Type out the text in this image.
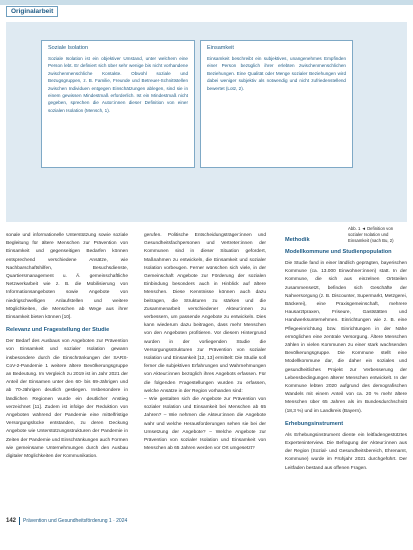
Originalarbeit
Soziale Isolation
Soziale Isolation ist ein objektiver Umstand, unter welchem eine Person lebt. Er definiert sich über sehr wenige bis nicht vorhandene zwischenmenschliche Kontakte. Obwohl soziale und Bezugsgruppen, z. B. Familie, Freunde und Betreuer-Schnittstellen zwischen Individuen entgegen Einschätzungen ablegen, sind sie in einem gewissen Mindestmaß erforderlich. Ist ein Mindestmaß nicht gegeben, sprechen die Autor:innen dieser Definition von einer sozialen Isolation (Mensch, 1).
Einsamkeit
Einsamkeit beschreibt ein subjektives, unangenehmes Empfinden einer Person bezüglich ihrer erlebten zwischenmenschlichen Beziehungen. Eine Qualität oder Menge sozialer Beziehungen wird dabei weniger subjektiv als notwendig und nicht zufriedenstellend bewertet (Lotz, 2).
Abb. 1 ◄ Definition von sozialer Isolation und Einsamkeit (nach Bu, 2)

sonale und informationelle Unterstützung sowie soziale Begleitung für ältere Menschen zur Prävention von Einsamkeit und gegenseitigen Bedarfen können entsprechend verschiedene Ansätze, wie Nachbarschaftshilfen, Besuchsdienste, Quartiersmanagement u. Ä. gemeinschaftliche Netzwerkarbeit wie z. B. die Mobilisierung von Informationsangeboten sowie Angebote von niedrigschwelligen Anlaufstellen und weitere Möglichkeiten, die Menschen ab Wege aus ihrer Einsamkeit bieten können [10].

Relevanz und Fragestellung der Studie

Der Bedarf des Ausbaus von Angeboten zur Prävention von Einsamkeit und sozialer Isolation gewann insbesondere durch die Einschränkungen der SARS-CoV-2-Pandemie 1 weitere ältere Bevölkerungsgruppe an Bedeutung. Im Vergleich zu 2019 ist im Jahr 2021 der Anteil der Einsamen unter den 60- bis 69-Jährigen und ab 70-Jährigen deutlich gestiegen. Insbesondere in ländlichen Regionen wurde ein deutlicher Anstieg verzeichnet [11]. Zudem ist infolge der Reduktion von Angeboten während der Pandemie eine mittelfristige Versorgungslücke entstanden, zu deren Deckung Angebote wie Unterstützungsstrukturen der Pandemie in Zeiten der Pandemie und Einschränkungen auch Formen wie gemeinsame Unternehmungen durch den Ausbau digitaler Möglichkeiten der Kommunikation.

gerufen. Politische Entscheidungsträger:innen und Gesundheitsfachpersonen und Vertreter:innen der Kommunen sind in dieser Situation gefordert, Maßnahmen zu entwickeln, die Einsamkeit und sozialer Isolation vorbeugen. Ferner wünschen sich viele, in der Gemeinschaft Angebote zur Förderung der sozialen Einbindung besonders auch in Hinblick auf ältere Menschen. Diese Kenntnisse können auch dazu beitragen, die Strukturen zu stärken und die Zusammenarbeit verschiedener Akteur:innen zu verbessern, um passende Angebote zu entwickeln. Dies kann wiederum dazu beitragen, dass mehr Menschen von den Angeboten profitieren. Vor diesem Hintergrund wurden in der vorliegenden Studie die Versorgungsstrukturen zur Prävention von sozialer Isolation und Einsamkeit [12, 13] ermittelt: Die Studie soll ferner die subjektiven Erfahrungen und Wahrnehmungen von Akteur:innen bezüglich ihres Angebots erfassen. Für die folgenden Fragestellungen wurden zu erfassen, welche Ansätze in der Region vorhanden sind:

– Wie gestalten sich die Angebote zur Prävention von sozialer Isolation und Einsamkeit bei Menschen ab 65 Jahren? – Wie nehmen die Akteur:innen die Angebote wahr und welche Herausforderungen sehen sie bei der Umsetzung der Angebote? – Welche Angebote zur Prävention von sozialer Isolation und Einsamkeit von Menschen ab 65 Jahren werden vor Ort umgesetzt?

Methodik
Modellkommune und Studienpopulation

Die Studie fand in einer ländlich geprägten, bayerischen Kommune (ca. 13.000 Einwohner:innen) statt. In der Kommune, die sich aus einzelnen Ortsteilen zusammensetzt, befinden sich Geschäfte der Nahversorgung (z. B. Discounter, Supermarkt, Metzgerei, Bäckerei), eine Praxisgemeinschaft, mehrere Hausarztpraxen, Friseure, Gaststätten und Handwerksunternehmen. Einrichtungen wie z. B. eine Pflegeeinrichtung bzw. Einrichtungen in der Nähe ermöglichen eine zentrale Versorgung. Ältere Menschen zählen in vielen Kommunen zu einer stark wachsenden Bevölkerungsgruppe. Die Kommune stellt eine Modellkommune dar, die daher ein soziales und gesundheitliches Projekt zur Verbesserung der Lebensbedingungen älterer Menschen entwickelt. In der Kommune lebten 2020 aufgrund des demografischen Wandels mit einem Anteil von ca. 20 % mehr ältere Menschen über 65 Jahren als im Bundesdurchschnitt (18,3 %) und im Landkreis (Bayern).

Erhebungsinstrument

Als Erhebungsinstrument diente ein leitfadengestütztes Experteninterview. Die Befragung der Akteur:innen aus der Region (Sozial- und Gesundheitsbereich, Ehrenamt, Kommune) wurde im Frühjahr 2021 durchgeführt. Der Leitfaden bestand aus offenen Fragen.

142 Prävention und Gesundheitsförderung 1 · 2024
